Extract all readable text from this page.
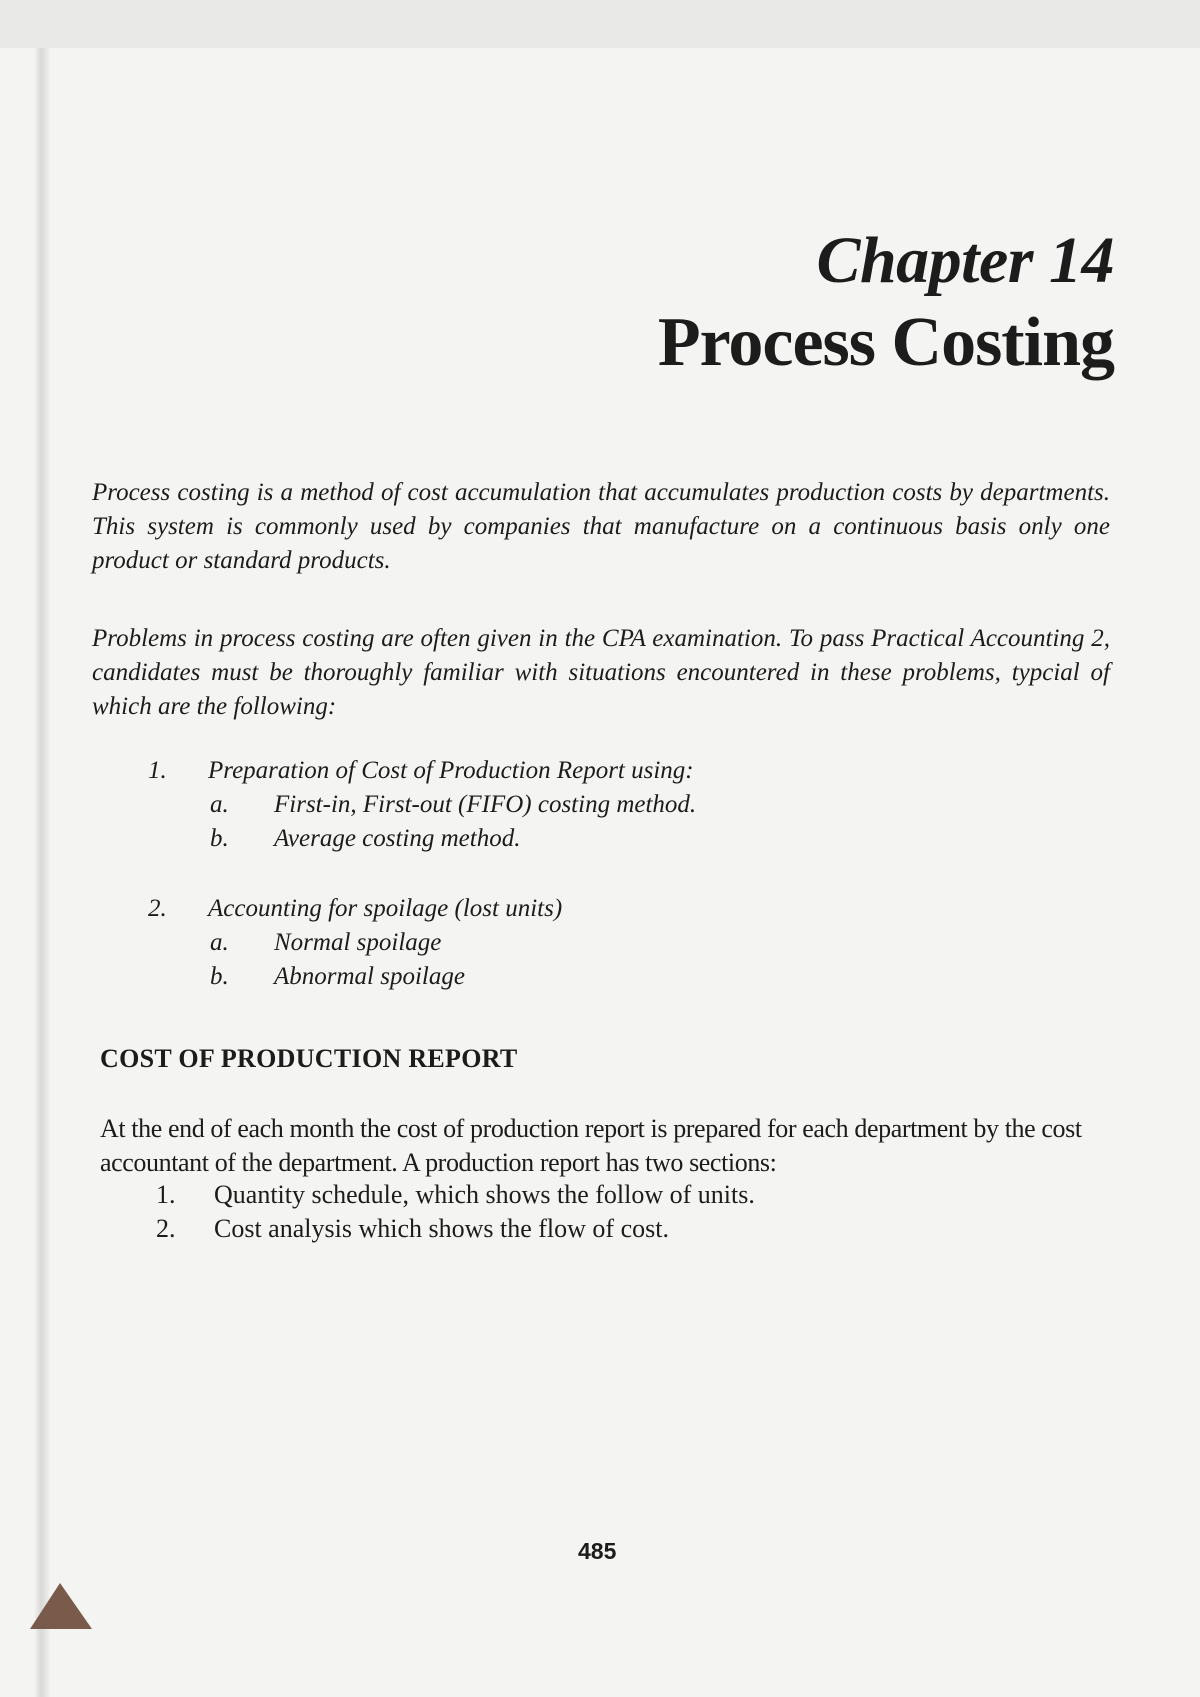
Chapter 14
Process Costing

Process costing is a method of cost accumulation that accumulates production costs by departments. This system is commonly used by companies that manufacture on a continuous basis only one product or standard products.

Problems in process costing are often given in the CPA examination. To pass Practical Accounting 2, candidates must be thoroughly familiar with situations encountered in these problems, typcial of which are the following:

1. Preparation of Cost of Production Report using:
a. First-in, First-out (FIFO) costing method.
b. Average costing method.
2. Accounting for spoilage (lost units)
a. Normal spoilage
b. Abnormal spoilage
COST OF PRODUCTION REPORT

At the end of each month the cost of production report is prepared for each department by the cost accountant of the department. A production report has two sections:

1. Quantity schedule, which shows the follow of units.
2. Cost analysis which shows the flow of cost.
485
